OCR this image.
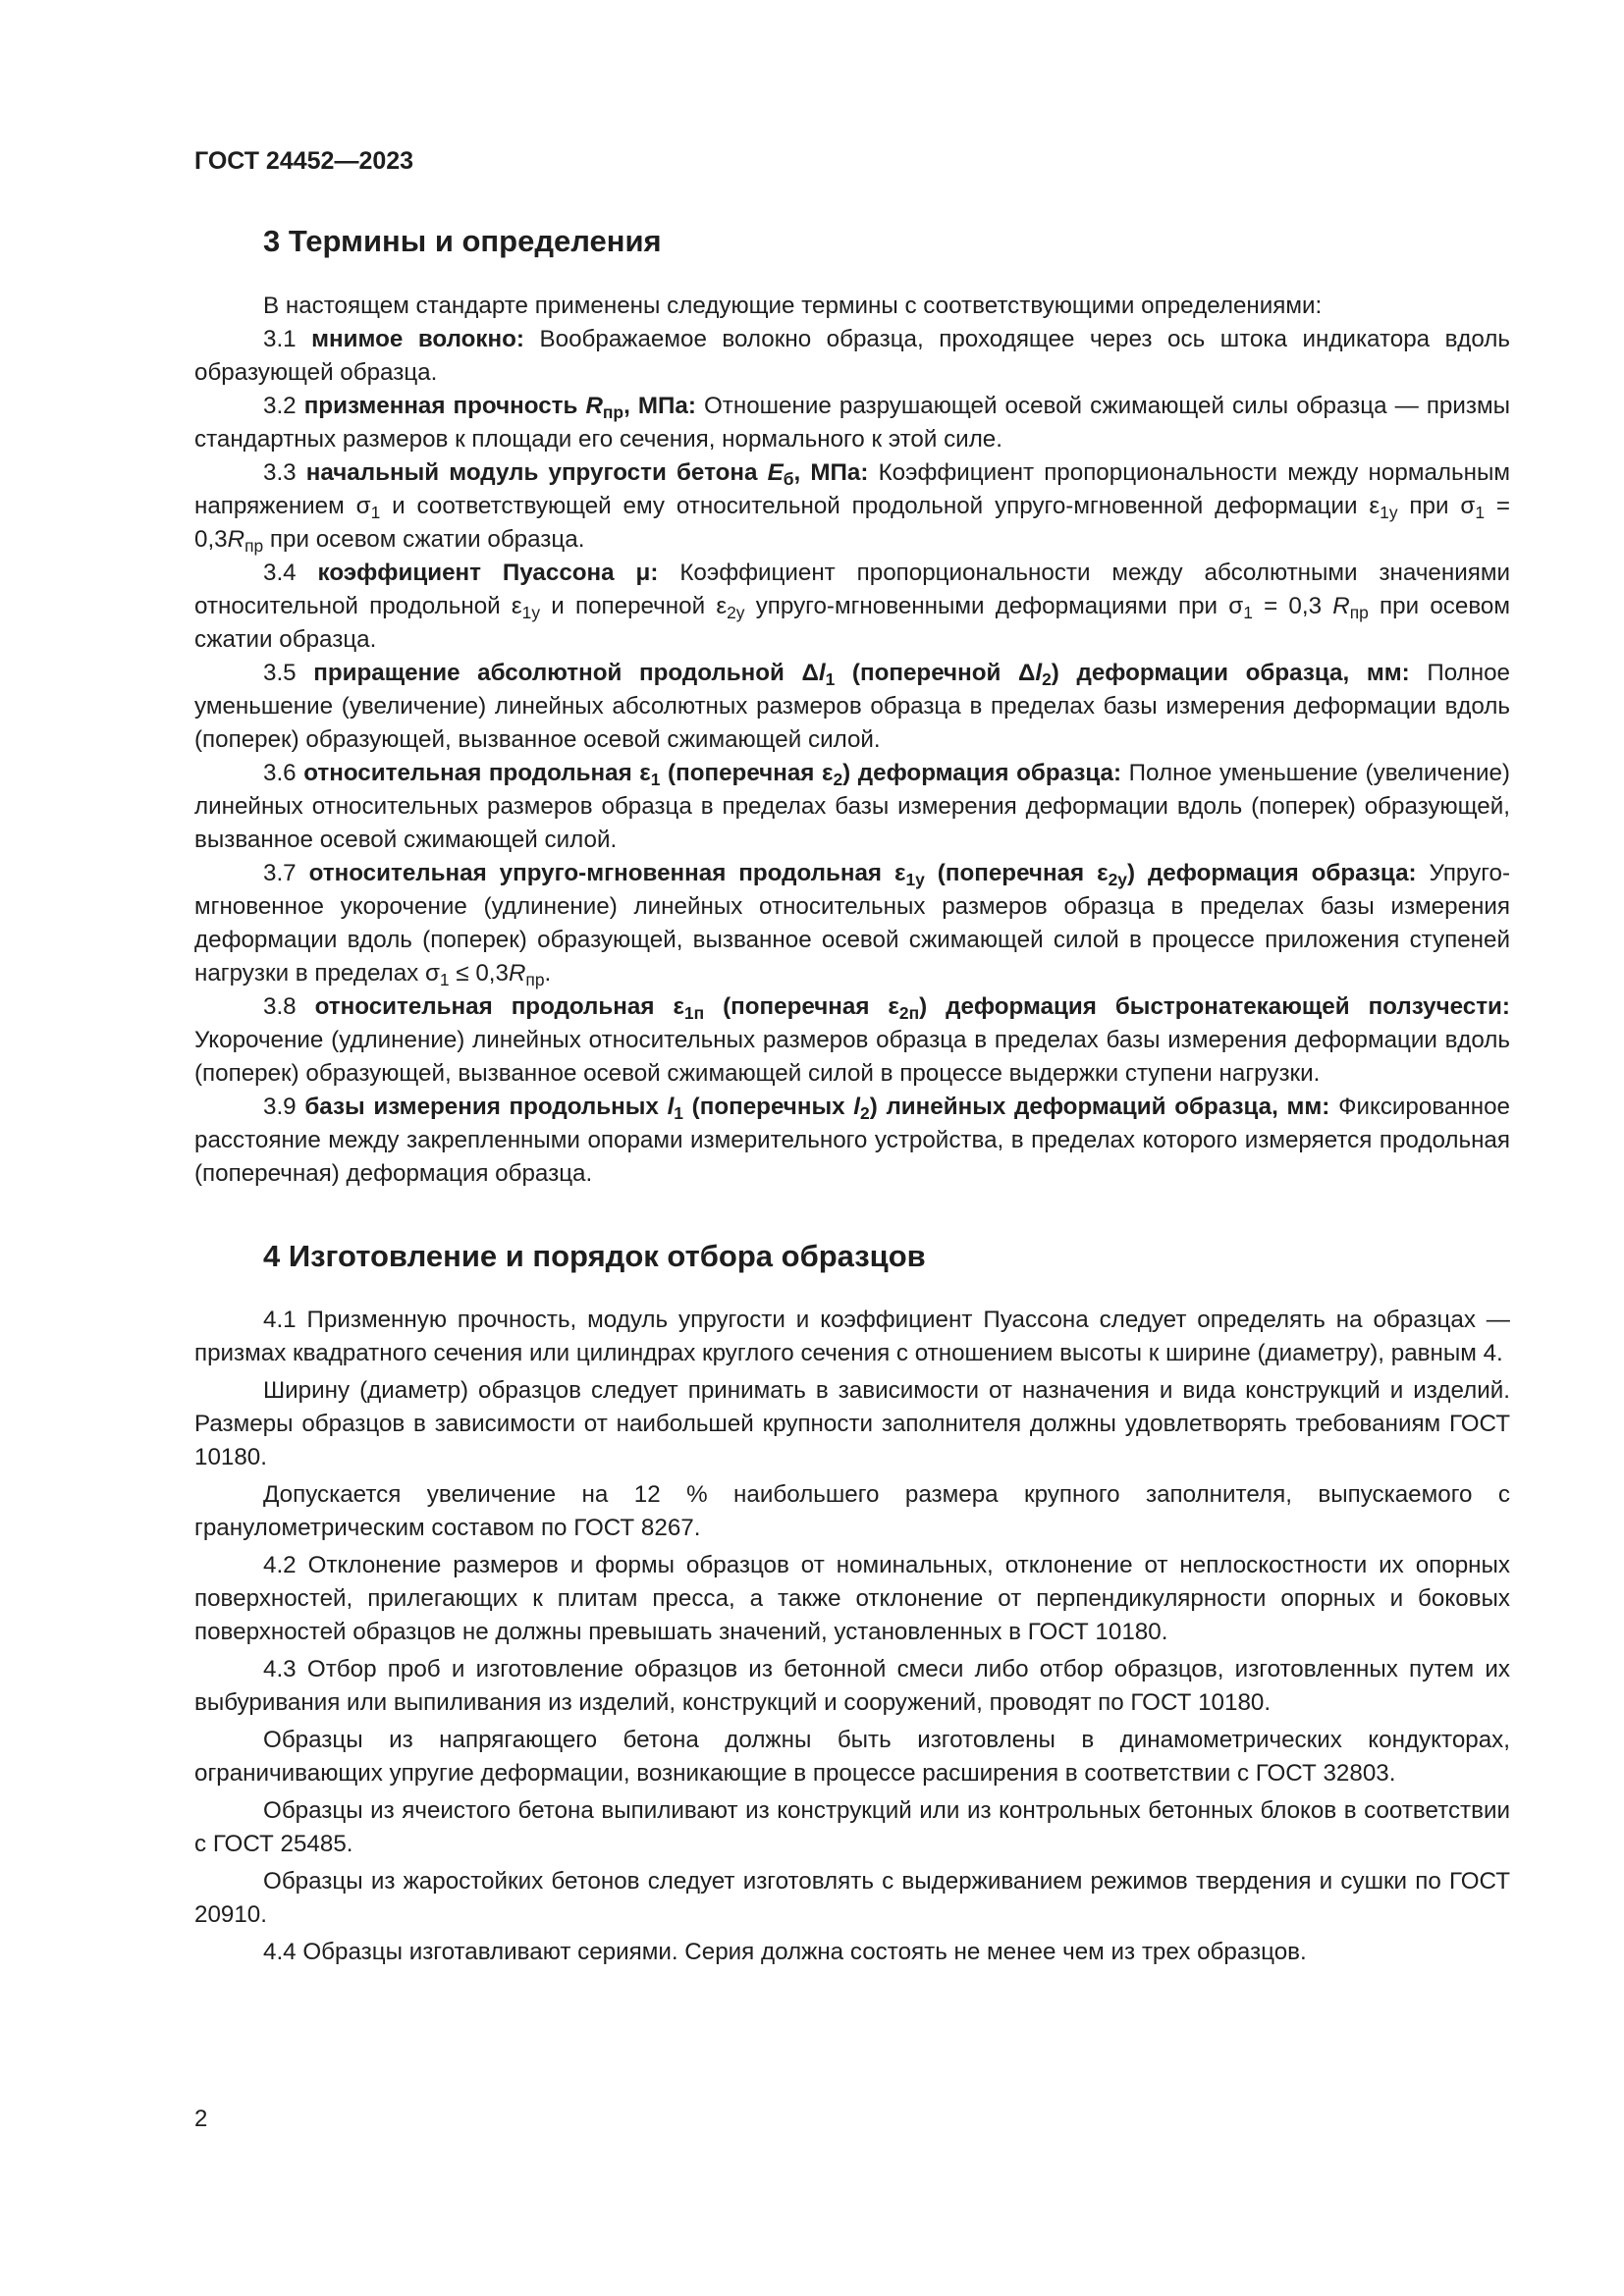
ГОСТ 24452—2023
3 Термины и определения

В настоящем стандарте применены следующие термины с соответствующими определениями:

3.1 мнимое волокно: Воображаемое волокно образца, проходящее через ось штока индикатора вдоль образующей образца.

3.2 призменная прочность $R_{пр}$, МПа: Отношение разрушающей осевой сжимающей силы образца — призмы стандартных размеров к площади его сечения, нормального к этой силе.

3.3 начальный модуль упругости бетона $E_б$, МПа: Коэффициент пропорциональности между нормальным напряжением $\sigma_1$ и соответствующей ему относительной продольной упруго-мгновенной деформации $\varepsilon_{1y}$ при $\sigma_1 = 0,3R_{пр}$ при осевом сжатии образца.

3.4 коэффициент Пуассона μ: Коэффициент пропорциональности между абсолютными значениями относительной продольной $\varepsilon_{1y}$ и поперечной $\varepsilon_{2y}$ упруго-мгновенными деформациями при $\sigma_1 = 0,3$ $R_{пр}$ при осевом сжатии образца.

3.5 приращение абсолютной продольной $\Delta l_1$ (поперечной $\Delta l_2$) деформации образца, мм: Полное уменьшение (увеличение) линейных абсолютных размеров образца в пределах базы измерения деформации вдоль (поперек) образующей, вызванное осевой сжимающей силой.

3.6 относительная продольная $\varepsilon_1$ (поперечная $\varepsilon_2$) деформация образца: Полное уменьшение (увеличение) линейных относительных размеров образца в пределах базы измерения деформации вдоль (поперек) образующей, вызванное осевой сжимающей силой.

3.7 относительная упруго-мгновенная продольная $\varepsilon_{1y}$ (поперечная $\varepsilon_{2y}$) деформация образца: Упруго-мгновенное укорочение (удлинение) линейных относительных размеров образца в пределах базы измерения деформации вдоль (поперек) образующей, вызванное осевой сжимающей силой в процессе приложения ступеней нагрузки в пределах $\sigma_1 \le 0,3R_{пр}$.

3.8 относительная продольная $\varepsilon_{1п}$ (поперечная $\varepsilon_{2п}$) деформация быстронатекающей ползучести: Укорочение (удлинение) линейных относительных размеров образца в пределах базы измерения деформации вдоль (поперек) образующей, вызванное осевой сжимающей силой в процессе выдержки ступени нагрузки.

3.9 базы измерения продольных $l_1$ (поперечных $l_2$) линейных деформаций образца, мм: Фиксированное расстояние между закрепленными опорами измерительного устройства, в пределах которого измеряется продольная (поперечная) деформация образца.

4 Изготовление и порядок отбора образцов

4.1 Призменную прочность, модуль упругости и коэффициент Пуассона следует определять на образцах — призмах квадратного сечения или цилиндрах круглого сечения с отношением высоты к ширине (диаметру), равным 4.

Ширину (диаметр) образцов следует принимать в зависимости от назначения и вида конструкций и изделий. Размеры образцов в зависимости от наибольшей крупности заполнителя должны удовлетворять требованиям ГОСТ 10180.

Допускается увеличение на 12 % наибольшего размера крупного заполнителя, выпускаемого с гранулометрическим составом по ГОСТ 8267.

4.2 Отклонение размеров и формы образцов от номинальных, отклонение от неплоскостности их опорных поверхностей, прилегающих к плитам пресса, а также отклонение от перпендикулярности опорных и боковых поверхностей образцов не должны превышать значений, установленных в ГОСТ 10180.

4.3 Отбор проб и изготовление образцов из бетонной смеси либо отбор образцов, изготовленных путем их выбуривания или выпиливания из изделий, конструкций и сооружений, проводят по ГОСТ 10180.

Образцы из напрягающего бетона должны быть изготовлены в динамометрических кондукторах, ограничивающих упругие деформации, возникающие в процессе расширения в соответствии с ГОСТ 32803.

Образцы из ячеистого бетона выпиливают из конструкций или из контрольных бетонных блоков в соответствии с ГОСТ 25485.

Образцы из жаростойких бетонов следует изготовлять с выдерживанием режимов твердения и сушки по ГОСТ 20910.

4.4 Образцы изготавливают сериями. Серия должна состоять не менее чем из трех образцов.

2
